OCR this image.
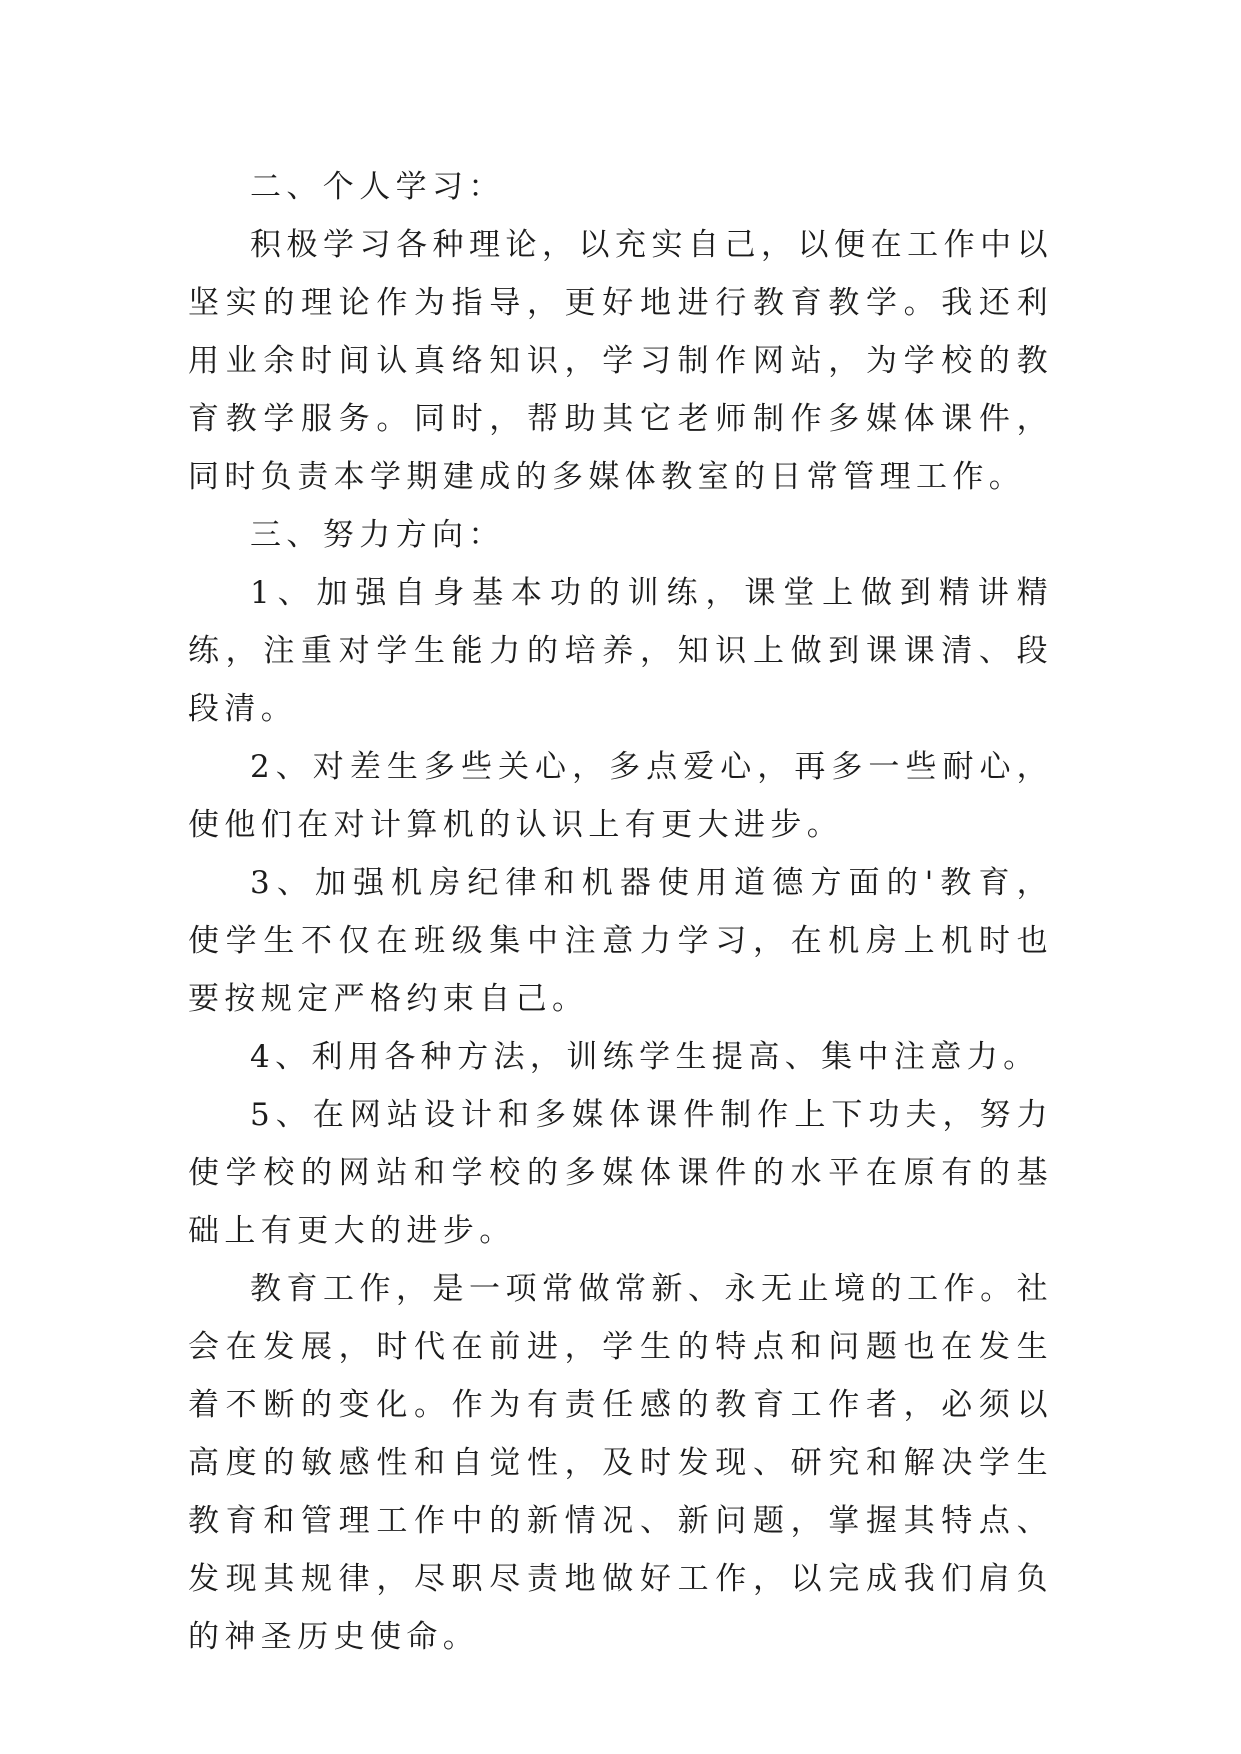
二、个人学习：

积极学习各种理论，以充实自己，以便在工作中以坚实的理论作为指导，更好地进行教育教学。我还利用业余时间认真络知识，学习制作网站，为学校的教育教学服务。同时，帮助其它老师制作多媒体课件，同时负责本学期建成的多媒体教室的日常管理工作。

三、努力方向：

1、加强自身基本功的训练，课堂上做到精讲精练，注重对学生能力的培养，知识上做到课课清、段段清。

2、对差生多些关心，多点爱心，再多一些耐心，使他们在对计算机的认识上有更大进步。

3、加强机房纪律和机器使用道德方面的'教育，使学生不仅在班级集中注意力学习，在机房上机时也要按规定严格约束自己。

4、利用各种方法，训练学生提高、集中注意力。

5、在网站设计和多媒体课件制作上下功夫，努力使学校的网站和学校的多媒体课件的水平在原有的基础上有更大的进步。

教育工作，是一项常做常新、永无止境的工作。社会在发展，时代在前进，学生的特点和问题也在发生着不断的变化。作为有责任感的教育工作者，必须以高度的敏感性和自觉性，及时发现、研究和解决学生教育和管理工作中的新情况、新问题，掌握其特点、发现其规律，尽职尽责地做好工作，以完成我们肩负的神圣历史使命。
